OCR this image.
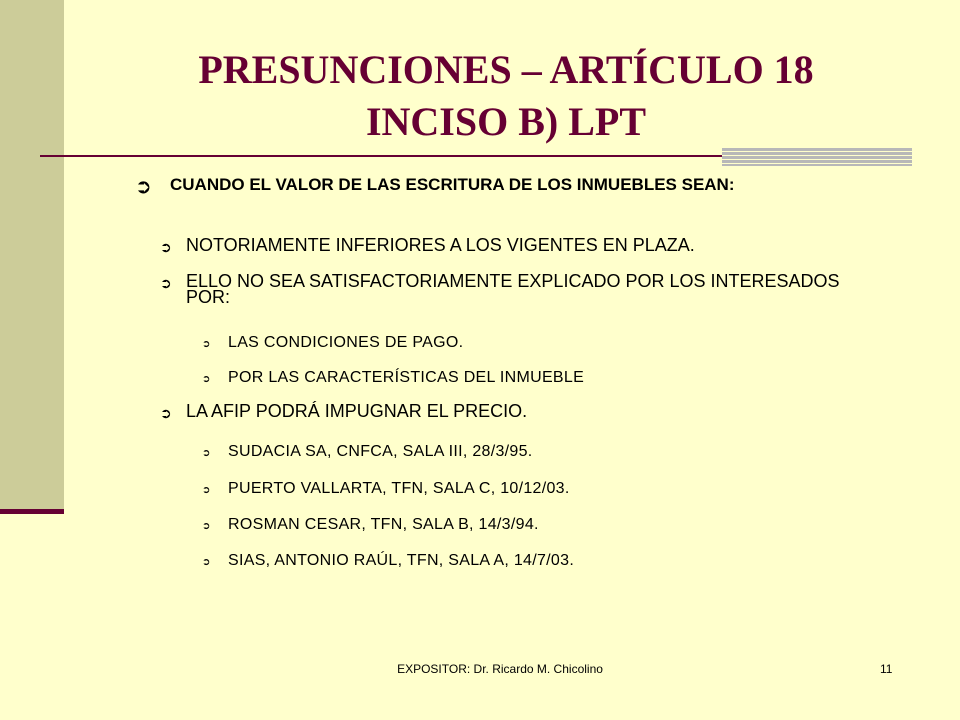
PRESUNCIONES – ARTÍCULO 18
INCISO B) LPT
➲ CUANDO EL VALOR DE LAS ESCRITURA DE LOS INMUEBLES SEAN:
➲ NOTORIAMENTE INFERIORES A LOS VIGENTES EN PLAZA.
➲ ELLO NO SEA SATISFACTORIAMENTE EXPLICADO POR LOS INTERESADOS POR:
➲ LAS CONDICIONES DE PAGO.
➲ POR LAS CARACTERÍSTICAS DEL INMUEBLE
➲ LA AFIP PODRÁ IMPUGNAR EL PRECIO.
➲ SUDACIA SA, CNFCA, SALA III, 28/3/95.
➲ PUERTO VALLARTA, TFN, SALA C, 10/12/03.
➲ ROSMAN CESAR, TFN, SALA B, 14/3/94.
➲ SIAS, ANTONIO RAÚL, TFN, SALA A, 14/7/03.
EXPOSITOR: Dr. Ricardo M. Chicolino	11
